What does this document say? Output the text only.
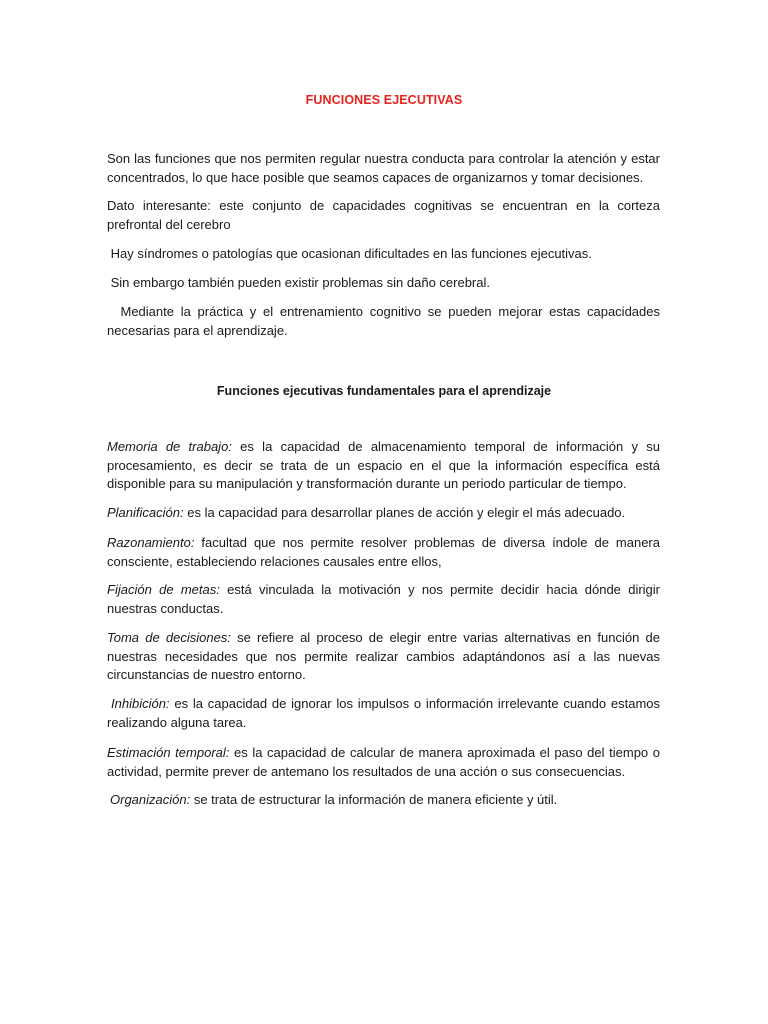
FUNCIONES EJECUTIVAS

Son las funciones que nos permiten regular nuestra conducta para controlar la atención y estar concentrados, lo que hace posible que seamos capaces de organizarnos y tomar decisiones.

Dato interesante: este conjunto de capacidades cognitivas se encuentran en la corteza prefrontal del cerebro

Hay síndromes o patologías que ocasionan dificultades en las funciones ejecutivas.

Sin embargo también pueden existir problemas sin daño cerebral.

Mediante la práctica y el entrenamiento cognitivo se pueden mejorar estas capacidades necesarias para el aprendizaje.

Funciones ejecutivas fundamentales para el aprendizaje

Memoria de trabajo: es la capacidad de almacenamiento temporal de información y su procesamiento, es decir se trata de un espacio en el que la información específica está disponible para su manipulación y transformación durante un periodo particular de tiempo.

Planificación: es la capacidad para desarrollar planes de acción y elegir el más adecuado.

Razonamiento: facultad que nos permite resolver problemas de diversa índole de manera consciente, estableciendo relaciones causales entre ellos,

Fijación de metas: está vinculada la motivación y nos permite decidir hacia dónde dirigir nuestras conductas.

Toma de decisiones: se refiere al proceso de elegir entre varias alternativas en función de nuestras necesidades que nos permite realizar cambios adaptándonos así a las nuevas circunstancias de nuestro entorno.

Inhibición: es la capacidad de ignorar los impulsos o información irrelevante cuando estamos realizando alguna tarea.

Estimación temporal: es la capacidad de calcular de manera aproximada el paso del tiempo o actividad, permite prever de antemano los resultados de una acción o sus consecuencias.

Organización: se trata de estructurar la información de manera eficiente y útil.
